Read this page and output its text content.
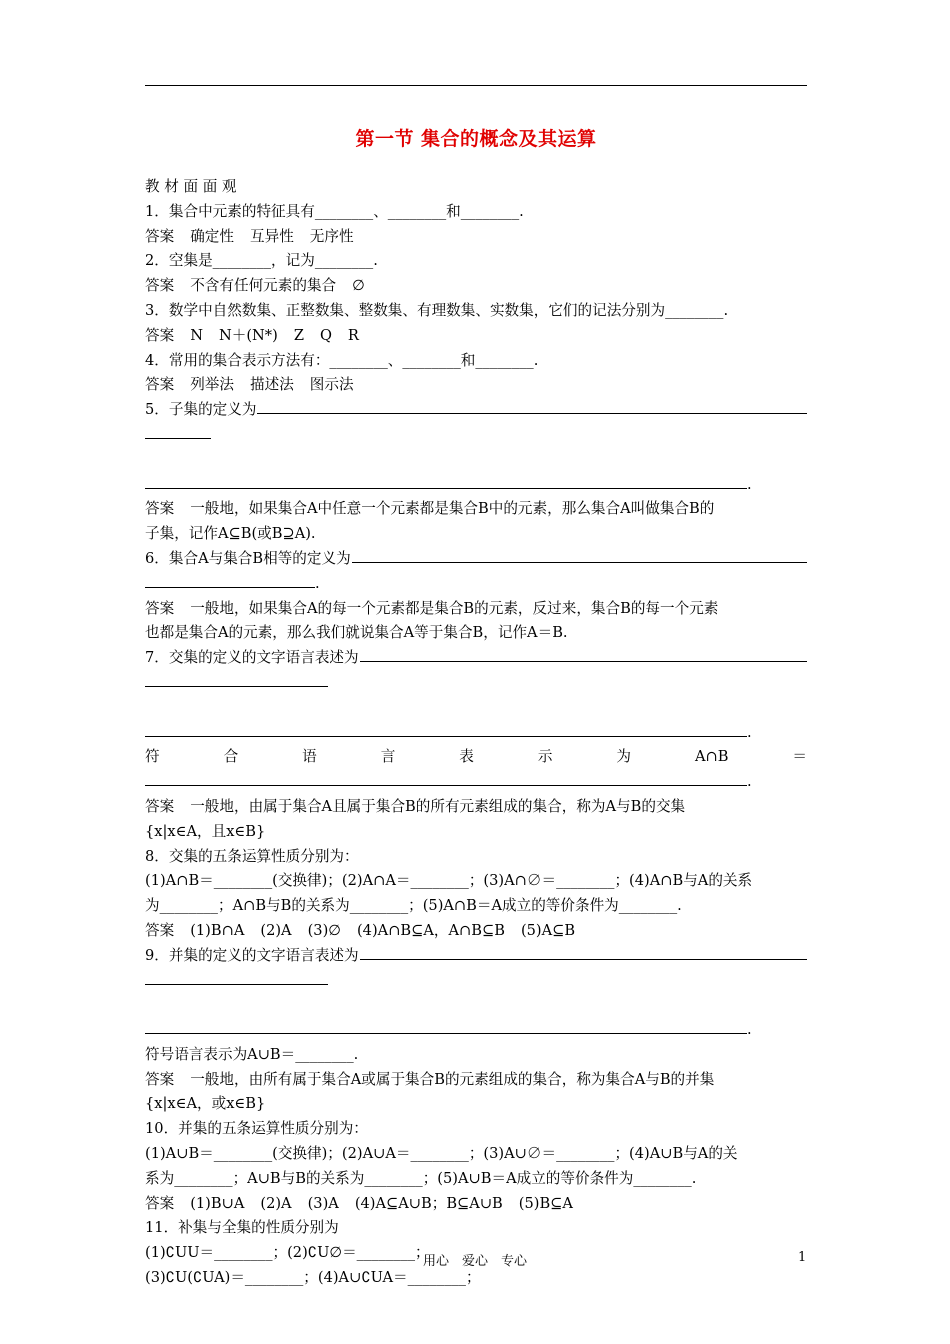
第一节 集合的概念及其运算
教 材 面 面 观
1．集合中元素的特征具有________、________和________.
答案 确定性 互异性 无序性
2．空集是________，记为________.
答案 不含有任何元素的集合 ∅
3．数学中自然数集、正整数集、整数集、有理数集、实数集，它们的记法分别为________.
答案 N N＋(N*) Z Q R
4．常用的集合表示方法有：________、________和________.
答案 列举法 描述法 图示法
5．子集的定义为
.
答案 一般地，如果集合A中任意一个元素都是集合B中的元素，那么集合A叫做集合B的
子集，记作A⊆B(或B⊇A).
6．集合A与集合B相等的定义为
.
答案 一般地，如果集合A的每一个元素都是集合B的元素，反过来，集合B的每一个元素
也都是集合A的元素，那么我们就说集合A等于集合B，记作A＝B.
7．交集的定义的文字语言表述为
.
符	合	语	言	表	示	为	A∩B	＝
.
答案 一般地，由属于集合A且属于集合B的所有元素组成的集合，称为A与B的交集
{x|x∈A，且x∈B}
8．交集的五条运算性质分别为：
(1)A∩B＝________(交换律)；(2)A∩A＝________；(3)A∩∅＝________；(4)A∩B与A的关系
为________；A∩B与B的关系为________；(5)A∩B＝A成立的等价条件为________.
答案 (1)B∩A (2)A (3)∅ (4)A∩B⊆A，A∩B⊆B (5)A⊆B
9．并集的定义的文字语言表述为
.
符号语言表示为A∪B＝________.
答案 一般地，由所有属于集合A或属于集合B的元素组成的集合，称为集合A与B的并集
{x|x∈A，或x∈B}
10．并集的五条运算性质分别为：
(1)A∪B＝________(交换律)；(2)A∪A＝________；(3)A∪∅＝________；(4)A∪B与A的关
系为________；A∪B与B的关系为________；(5)A∪B＝A成立的等价条件为________.
答案 (1)B∪A (2)A (3)A (4)A⊆A∪B；B⊆A∪B (5)B⊆A
11．补集与全集的性质分别为
(1)∁UU＝________；(2)∁U∅＝________；
(3)∁U(∁UA)＝________；(4)A∪∁UA＝________；
用心　爱心　专心	1
